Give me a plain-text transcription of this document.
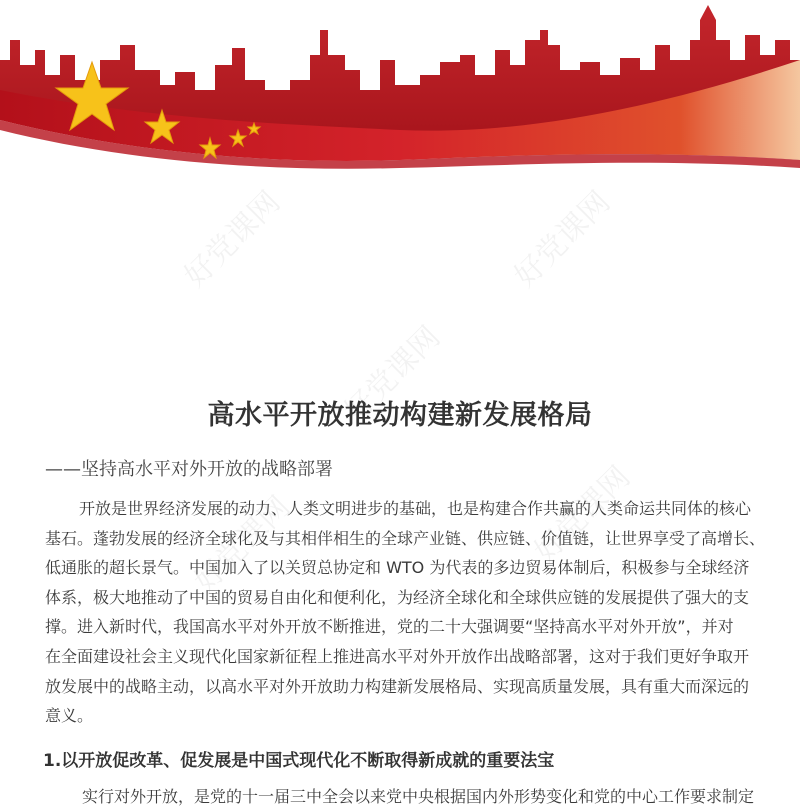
好党课网	好党课网
好党课网
好党课网
好党课网
高水平开放推动构建新发展格局
——坚持高水平对外开放的战略部署
开放是世界经济发展的动力、人类文明进步的基础，也是构建合作共赢的人类命运共同体的核心
基石。蓬勃发展的经济全球化及与其相伴相生的全球产业链、供应链、价值链，让世界享受了高增长、
低通胀的超长景气。中国加入了以关贸总协定和 WTO 为代表的多边贸易体制后，积极参与全球经济
体系，极大地推动了中国的贸易自由化和便利化，为经济全球化和全球供应链的发展提供了强大的支
撑。进入新时代，我国高水平对外开放不断推进，党的二十大强调要“坚持高水平对外开放”，并对
在全面建设社会主义现代化国家新征程上推进高水平对外开放作出战略部署，这对于我们更好争取开
放发展中的战略主动，以高水平对外开放助力构建新发展格局、实现高质量发展，具有重大而深远的
意义。
1.以开放促改革、促发展是中国式现代化不断取得新成就的重要法宝
实行对外开放，是党的十一届三中全会以来党中央根据国内外形势变化和党的中心工作要求制定
